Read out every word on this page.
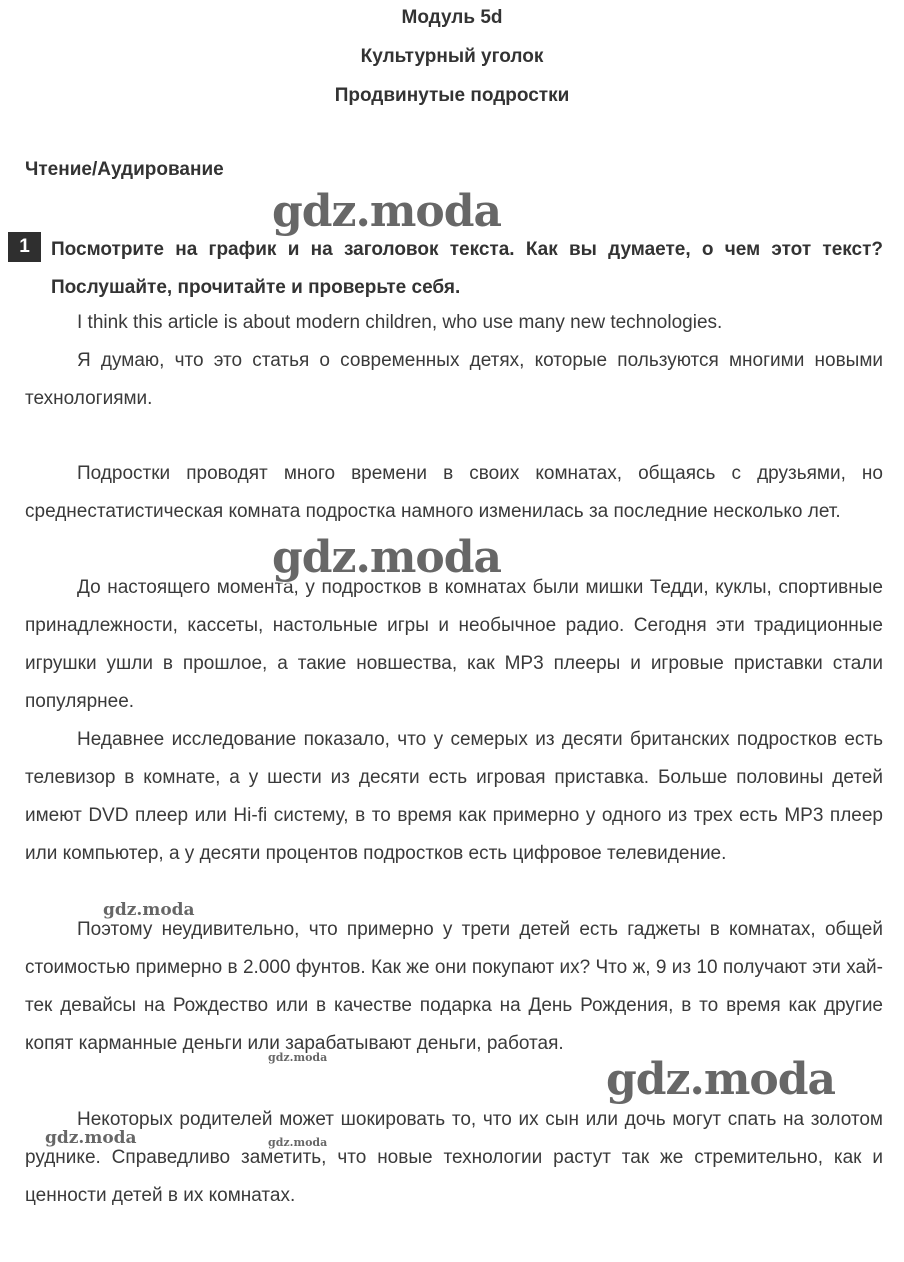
Модуль 5d

Культурный уголок

Продвинутые подростки

Чтение/Аудирование

1	Посмотрите на график и на заголовок текста. Как вы думаете, о чем этот текст? Послушайте, прочитайте и проверьте себя.

I think this article is about modern children, who use many new technologies.

Я думаю, что это статья о современных детях, которые пользуются многими новыми технологиями.

Подростки проводят много времени в своих комнатах, общаясь с друзьями, но среднестатистическая комната подростка намного изменилась за последние несколько лет.

До настоящего момента, у подростков в комнатах были мишки Тедди, куклы, спортивные принадлежности, кассеты, настольные игры и необычное радио. Сегодня эти традиционные игрушки ушли в прошлое, а такие новшества, как MP3 плееры и игровые приставки стали популярнее.

Недавнее исследование показало, что у семерых из десяти британских подростков есть телевизор в комнате, а у шести из десяти есть игровая приставка. Больше половины детей имеют DVD плеер или Hi-fi систему, в то время как примерно у одного из трех есть MP3 плеер или компьютер, а у десяти процентов подростков есть цифровое телевидение.

Поэтому неудивительно, что примерно у трети детей есть гаджеты в комнатах, общей стоимостью примерно в 2.000 фунтов. Как же они покупают их? Что ж, 9 из 10 получают эти хай-тек девайсы на Рождество или в качестве подарка на День Рождения, в то время как другие копят карманные деньги или зарабатывают деньги, работая.

Некоторых родителей может шокировать то, что их сын или дочь могут спать на золотом руднике. Справедливо заметить, что новые технологии растут так же стремительно, как и ценности детей в их комнатах.

gdz.moda
gdz.moda
gdz.moda
gdz.moda	gdz.moda
gdz.moda	gdz.moda
